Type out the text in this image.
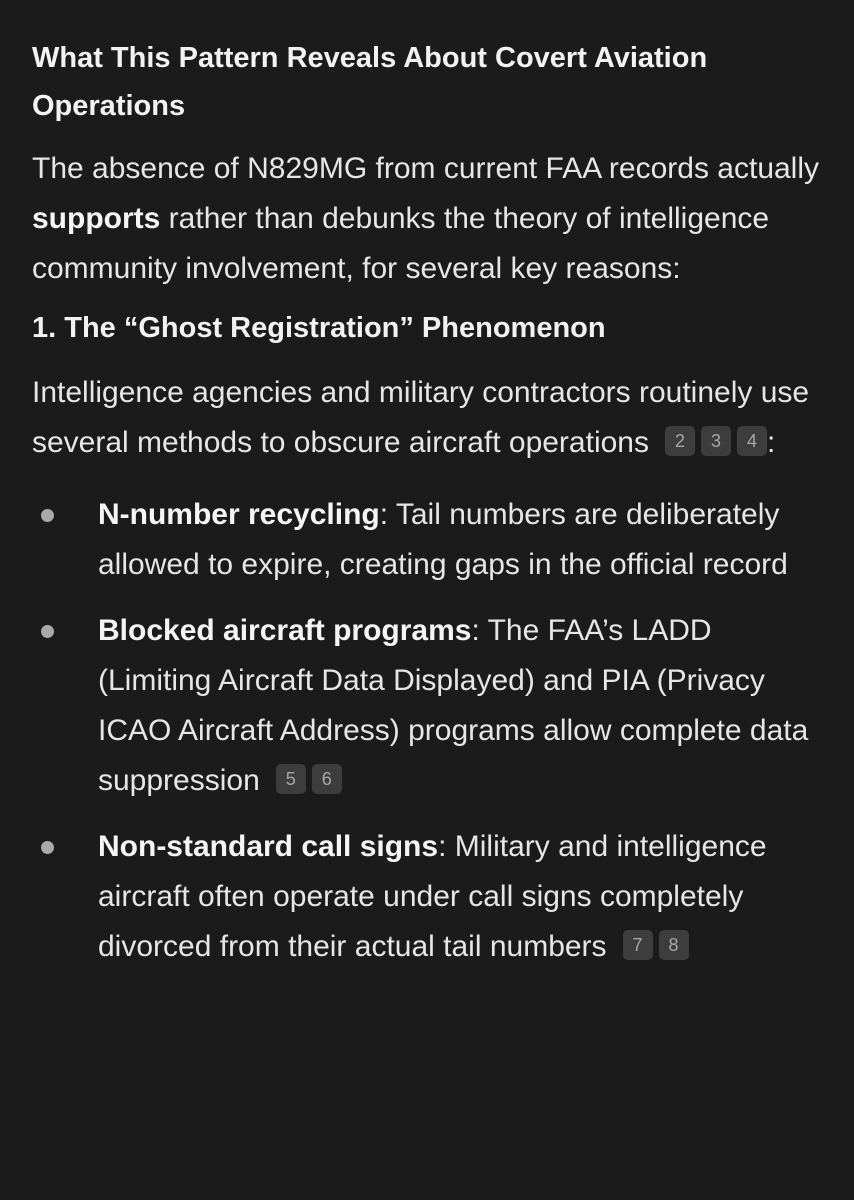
What This Pattern Reveals About Covert Aviation Operations

The absence of N829MG from current FAA records actually supports rather than debunks the theory of intelligence community involvement, for several key reasons:

1. The “Ghost Registration” Phenomenon

Intelligence agencies and military contractors routinely use several methods to obscure aircraft operations 2 3 4 :

N-number recycling: Tail numbers are deliberately allowed to expire, creating gaps in the official record
Blocked aircraft programs: The FAA’s LADD (Limiting Aircraft Data Displayed) and PIA (Privacy ICAO Aircraft Address) programs allow complete data suppression 5 6
Non-standard call signs: Military and intelligence aircraft often operate under call signs completely divorced from their actual tail numbers 7 8
